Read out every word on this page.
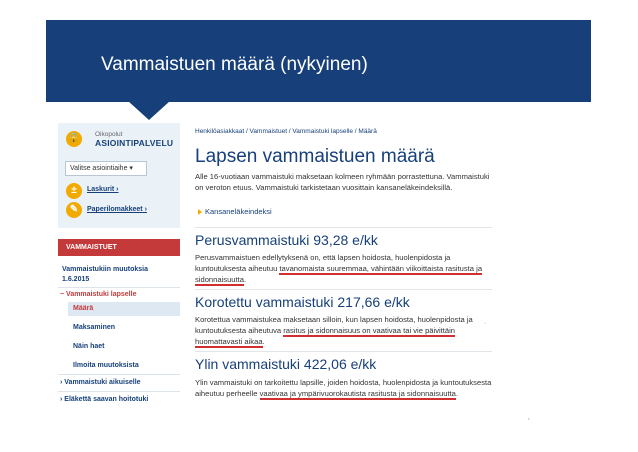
Vammaistuen määrä (nykyinen)
🔒 Oikopolut
ASIOINTIPALVELU
Valitse asiointiaihe ▾
±	Laskurit ›
✎	Paperilomakkeet ›
VAMMAISTUET
Vammaistukiin muutoksia
1.6.2015
− Vammaistuki lapselle
Määrä
Maksaminen
Näin haet
Ilmoita muutoksista
› Vammaistuki aikuiselle
› Eläkettä saavan hoitotuki
Henkilöasiakkaat / Vammaistuet / Vammaistuki lapselle / Määrä
Lapsen vammaistuen määrä
Alle 16-vuotiaan vammaistuki maksetaan kolmeen ryhmään porrastettuna. Vammaistuki
on veroton etuus. Vammaistuki tarkistetaan vuosittain kansaneläkeindeksillä.
Kansaneläkeindeksi
Perusvammaistuki 93,28 e/kk
Perusvammaistuen edellytyksenä on, että lapsen hoidosta, huolenpidosta ja
kuntoutuksesta aiheutuu tavanomaista suuremmaa, vähintään viikoittaista rasitusta ja
sidonnaisuutta.
Korotettu vammaistuki 217,66 e/kk
Korotettua vammaistukea maksetaan silloin, kun lapsen hoidosta, huolenpidosta ja
kuntoutuksesta aiheutuva rasitus ja sidonnaisuus on vaativaa tai vie päivittäin
huomattavasti aikaa.
·
Ylin vammaistuki 422,06 e/kk
Ylin vammaistuki on tarkoitettu lapsille, joiden hoidosta, huolenpidosta ja kuntoutuksesta
aiheutuu perheelle vaativaa ja ympärivuorokautista rasitusta ja sidonnaisuutta.
‚
